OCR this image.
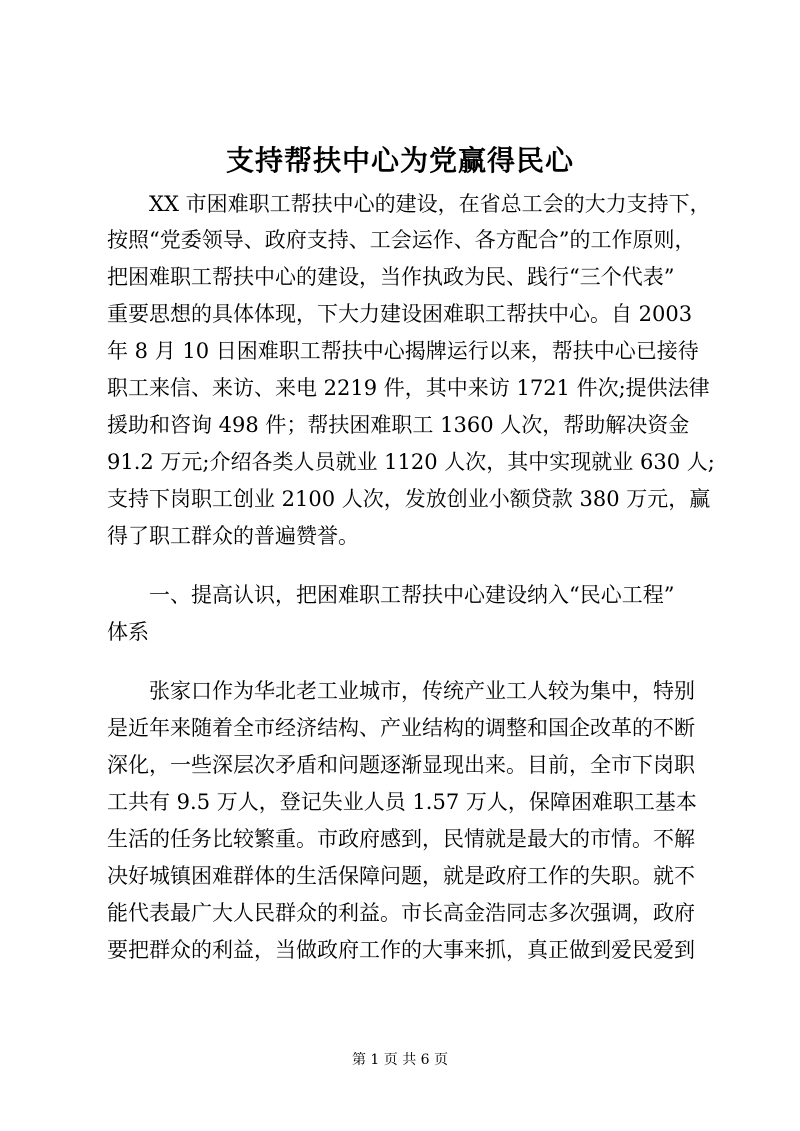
支持帮扶中心为党赢得民心
XX 市困难职工帮扶中心的建设，在省总工会的大力支持下，
按照“党委领导、政府支持、工会运作、各方配合”的工作原则，
把困难职工帮扶中心的建设，当作执政为民、践行“三个代表”
重要思想的具体体现，下大力建设困难职工帮扶中心。自 2003
年 8 月 10 日困难职工帮扶中心揭牌运行以来，帮扶中心已接待
职工来信、来访、来电 2219 件，其中来访 1721 件次;提供法律
援助和咨询 498 件；帮扶困难职工 1360 人次，帮助解决资金
91.2 万元;介绍各类人员就业 1120 人次，其中实现就业 630 人;
支持下岗职工创业 2100 人次，发放创业小额贷款 380 万元，赢
得了职工群众的普遍赞誉。
一、提高认识，把困难职工帮扶中心建设纳入“民心工程”
体系
张家口作为华北老工业城市，传统产业工人较为集中，特别
是近年来随着全市经济结构、产业结构的调整和国企改革的不断
深化，一些深层次矛盾和问题逐渐显现出来。目前，全市下岗职
工共有 9.5 万人，登记失业人员 1.57 万人，保障困难职工基本
生活的任务比较繁重。市政府感到，民情就是最大的市情。不解
决好城镇困难群体的生活保障问题，就是政府工作的失职。就不
能代表最广大人民群众的利益。市长高金浩同志多次强调，政府
要把群众的利益，当做政府工作的大事来抓，真正做到爱民爱到
第 1 页 共 6 页
